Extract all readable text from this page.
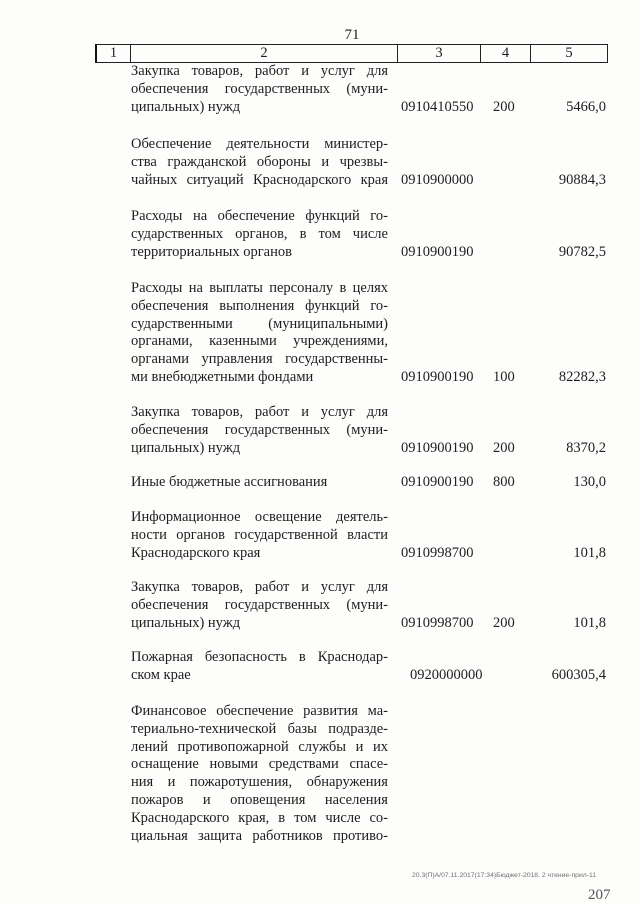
71
1	2	3	4	5
Закупка товаров, работ и услуг для
обеспечения государственных (муни-
ципальных) нужд	0910410550 200	5466,0
Обеспечение деятельности министер-
ства гражданской обороны и чрезвы-
чайных ситуаций Краснодарского края 0910900000	90884,3
Расходы на обеспечение функций го-
сударственных органов, в том числе
территориальных органов	0910900190	90782,5
Расходы на выплаты персоналу в целях
обеспечения выполнения функций го-
сударственными (муниципальными)
органами, казенными учреждениями,
органами управления государственны-
ми внебюджетными фондами	0910900190 100	82282,3
Закупка товаров, работ и услуг для
обеспечения государственных (муни-
ципальных) нужд	0910900190 200	8370,2
Иные бюджетные ассигнования	0910900190 800	130,0
Информационное освещение деятель-
ности органов государственной власти
Краснодарского края	0910998700	101,8
Закупка товаров, работ и услуг для
обеспечения государственных (муни-
ципальных) нужд	0910998700 200	101,8
Пожарная безопасность в Краснодар-
ском крае	0920000000	600305,4
Финансовое обеспечение развития ма-
териально-технической базы подразде-
лений противопожарной службы и их
оснащение новыми средствами спасе-
ния и пожаротушения, обнаружения
пожаров и оповещения населения
Краснодарского края, в том числе со-
циальная защита работников противо-
20.3(П)А/07.11.2017(17:34)Бюджет-2018. 2 чтение-прил-11
207
